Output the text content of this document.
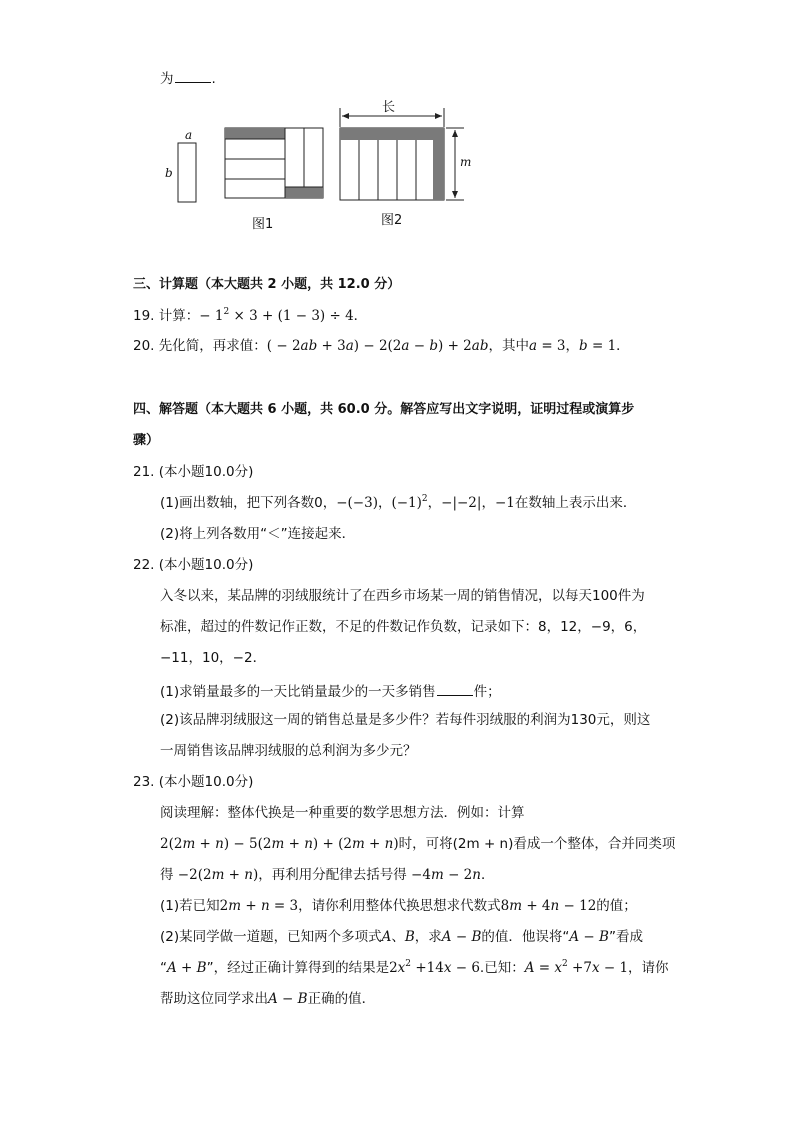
为	.
a
b
图1
长
m
图2
三、计算题（本大题共 2 小题，共 12.0 分）
19. 计算：− $1^2 \times 3 + (1 - 3) \div 4$．
20. 先化简，再求值：( − 2ab + 3a) − 2(2a − b) + 2ab，其中a = 3，b = 1．
四、解答题（本大题共 6 小题，共 60.0 分。解答应写出文字说明，证明过程或演算步
骤）
21. (本小题10.0分)
(1)画出数轴，把下列各数0，−(−3)，$(-1)^2$，−|−2|，−1在数轴上表示出来．
(2)将上列各数用“＜”连接起来．
22. (本小题10.0分)
入冬以来，某品牌的羽绒服统计了在西乡市场某一周的销售情况，以每天100件为
标准，超过的件数记作正数，不足的件数记作负数，记录如下：8，12，−9，6，
−11，10，−2．
(1)求销量最多的一天比销量最少的一天多销售	件；
(2)该品牌羽绒服这一周的销售总量是多少件？若每件羽绒服的利润为130元，则这
一周销售该品牌羽绒服的总利润为多少元？
23. (本小题10.0分)
阅读理解：整体代换是一种重要的数学思想方法．例如：计算
2(2m + n) − 5(2m + n) + (2m + n)时，可将(2m + n)看成一个整体，合并同类项
得 −2(2m + n)，再利用分配律去括号得 −4m − 2n．
(1)若已知2m + n = 3，请你利用整体代换思想求代数式8m + 4n − 12的值；
(2)某同学做一道题，已知两个多项式A、B，求A − B的值．他误将“A − B”看成
“A + B”，经过正确计算得到的结果是$2x^2 +14x - 6$.已知：$A = x^2 +7x - 1$，请你
帮助这位同学求出A − B正确的值．
